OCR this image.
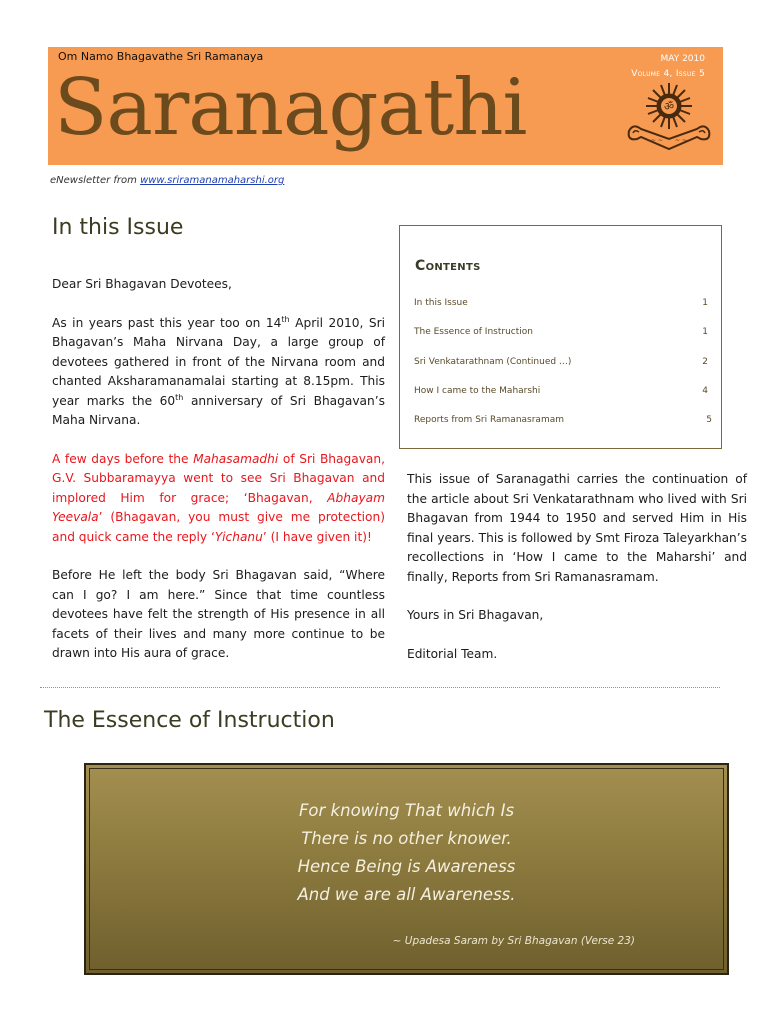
Om Namo Bhagavathe Sri Ramanaya
Saranagathi
MAY 2010
Volume 4, Issue 5
ॐ
~ ~ ~ ~
eNewsletter from www.sriramanamaharshi.org
In this Issue

Dear Sri Bhagavan Devotees,

As in years past this year too on 14th April 2010, Sri Bhagavan’s Maha Nirvana Day, a large group of devotees gathered in front of the Nirvana room and chanted Aksharamanamalai starting at 8.15pm. This year marks the 60th anniversary of Sri Bhagavan’s Maha Nirvana.

A few days before the Mahasamadhi of Sri Bhagavan, G.V. Subbaramayya went to see Sri Bhagavan and implored Him for grace; ‘Bhagavan, Abhayam Yeevala’ (Bhagavan, you must give me protection) and quick came the reply ‘Yichanu’ (I have given it)!

Before He left the body Sri Bhagavan said, “Where can I go? I am here.” Since that time countless devotees have felt the strength of His presence in all facets of their lives and many more continue to be drawn into His aura of grace.

Contents
In this Issue	1
The Essence of Instruction	1
Sri Venkatarathnam (Continued …)	2
How I came to the Maharshi	4
Reports from Sri Ramanasramam	5

This issue of Saranagathi carries the continuation of the article about Sri Venkatarathnam who lived with Sri Bhagavan from 1944 to 1950 and served Him in His final years. This is followed by Smt Firoza Taleyarkhan’s recollections in ‘How I came to the Maharshi’ and finally, Reports from Sri Ramanasramam.

Yours in Sri Bhagavan,

Editorial Team.

The Essence of Instruction
For knowing That which Is
There is no other knower.
Hence Being is Awareness
And we are all Awareness.
~ Upadesa Saram by Sri Bhagavan (Verse 23)
